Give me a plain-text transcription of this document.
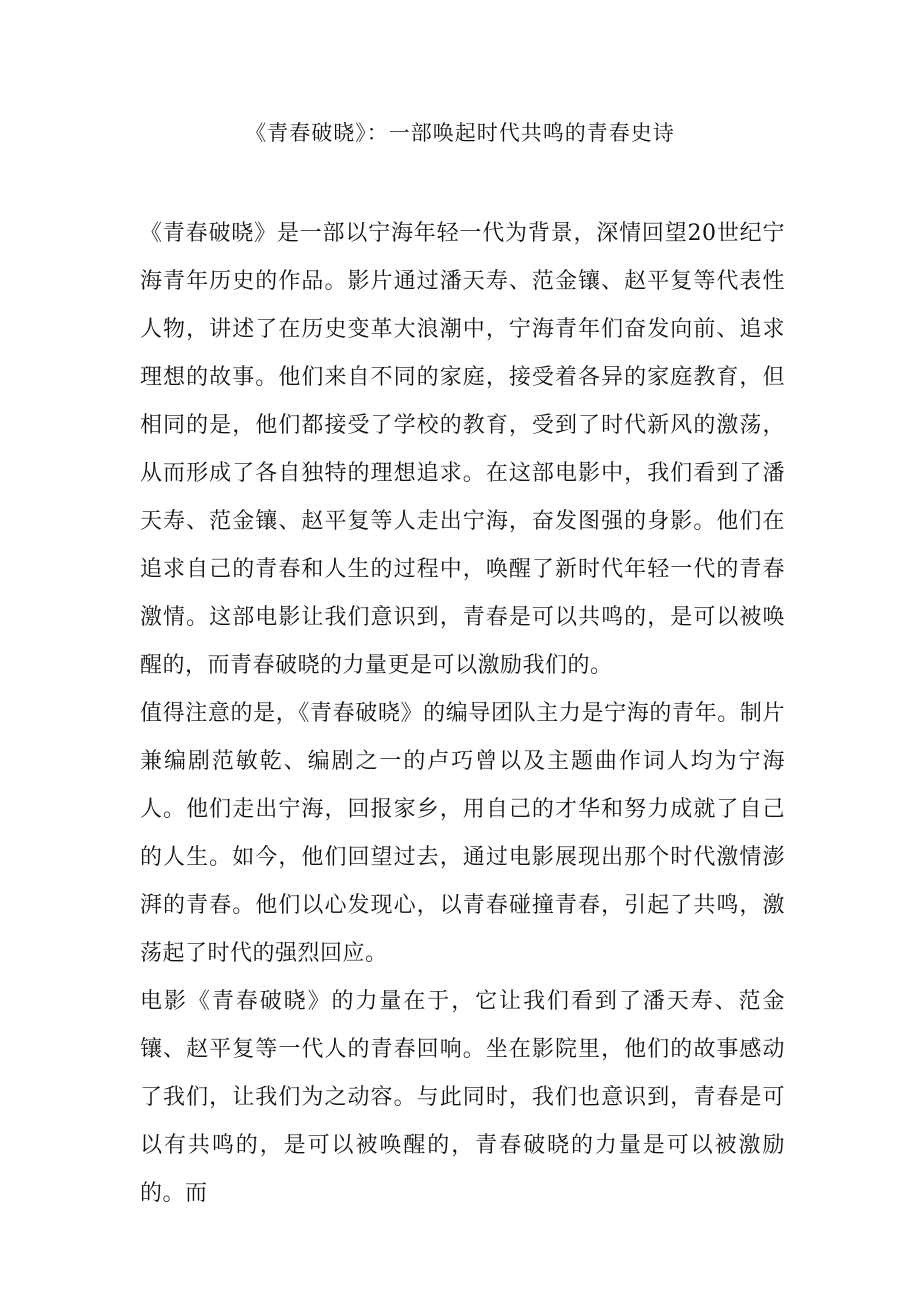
《青春破晓》：一部唤起时代共鸣的青春史诗

《青春破晓》是一部以宁海年轻一代为背景，深情回望20世纪宁海青年历史的作品。影片通过潘天寿、范金镶、赵平复等代表性人物，讲述了在历史变革大浪潮中，宁海青年们奋发向前、追求理想的故事。他们来自不同的家庭，接受着各异的家庭教育，但相同的是，他们都接受了学校的教育，受到了时代新风的激荡，从而形成了各自独特的理想追求。在这部电影中，我们看到了潘天寿、范金镶、赵平复等人走出宁海，奋发图强的身影。他们在追求自己的青春和人生的过程中，唤醒了新时代年轻一代的青春激情。这部电影让我们意识到，青春是可以共鸣的，是可以被唤醒的，而青春破晓的力量更是可以激励我们的。

值得注意的是，《青春破晓》的编导团队主力是宁海的青年。制片兼编剧范敏乾、编剧之一的卢巧曾以及主题曲作词人均为宁海人。他们走出宁海，回报家乡，用自己的才华和努力成就了自己的人生。如今，他们回望过去，通过电影展现出那个时代激情澎湃的青春。他们以心发现心，以青春碰撞青春，引起了共鸣，激荡起了时代的强烈回应。

电影《青春破晓》的力量在于，它让我们看到了潘天寿、范金镶、赵平复等一代人的青春回响。坐在影院里，他们的故事感动了我们，让我们为之动容。与此同时，我们也意识到，青春是可以有共鸣的，是可以被唤醒的，青春破晓的力量是可以被激励的。而
